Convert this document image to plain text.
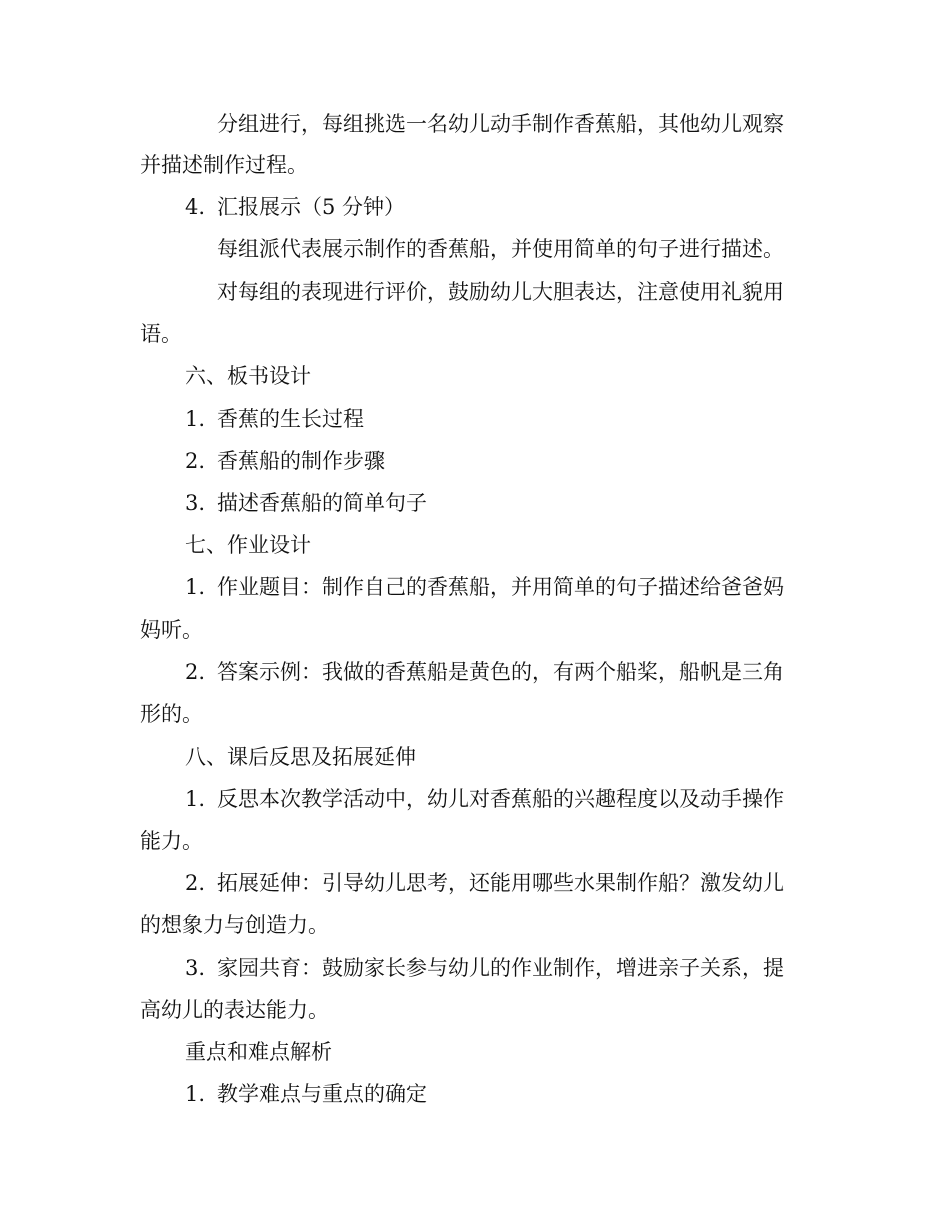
分组进行，每组挑选一名幼儿动手制作香蕉船，其他幼儿观察
并描述制作过程。
4. 汇报展示（5 分钟）
每组派代表展示制作的香蕉船，并使用简单的句子进行描述。
对每组的表现进行评价，鼓励幼儿大胆表达，注意使用礼貌用
语。
六、板书设计
1. 香蕉的生长过程
2. 香蕉船的制作步骤
3. 描述香蕉船的简单句子
七、作业设计
1. 作业题目：制作自己的香蕉船，并用简单的句子描述给爸爸妈
妈听。
2. 答案示例：我做的香蕉船是黄色的，有两个船桨，船帆是三角
形的。
八、课后反思及拓展延伸
1. 反思本次教学活动中，幼儿对香蕉船的兴趣程度以及动手操作
能力。
2. 拓展延伸：引导幼儿思考，还能用哪些水果制作船？激发幼儿
的想象力与创造力。
3. 家园共育：鼓励家长参与幼儿的作业制作，增进亲子关系，提
高幼儿的表达能力。
重点和难点解析
1. 教学难点与重点的确定
